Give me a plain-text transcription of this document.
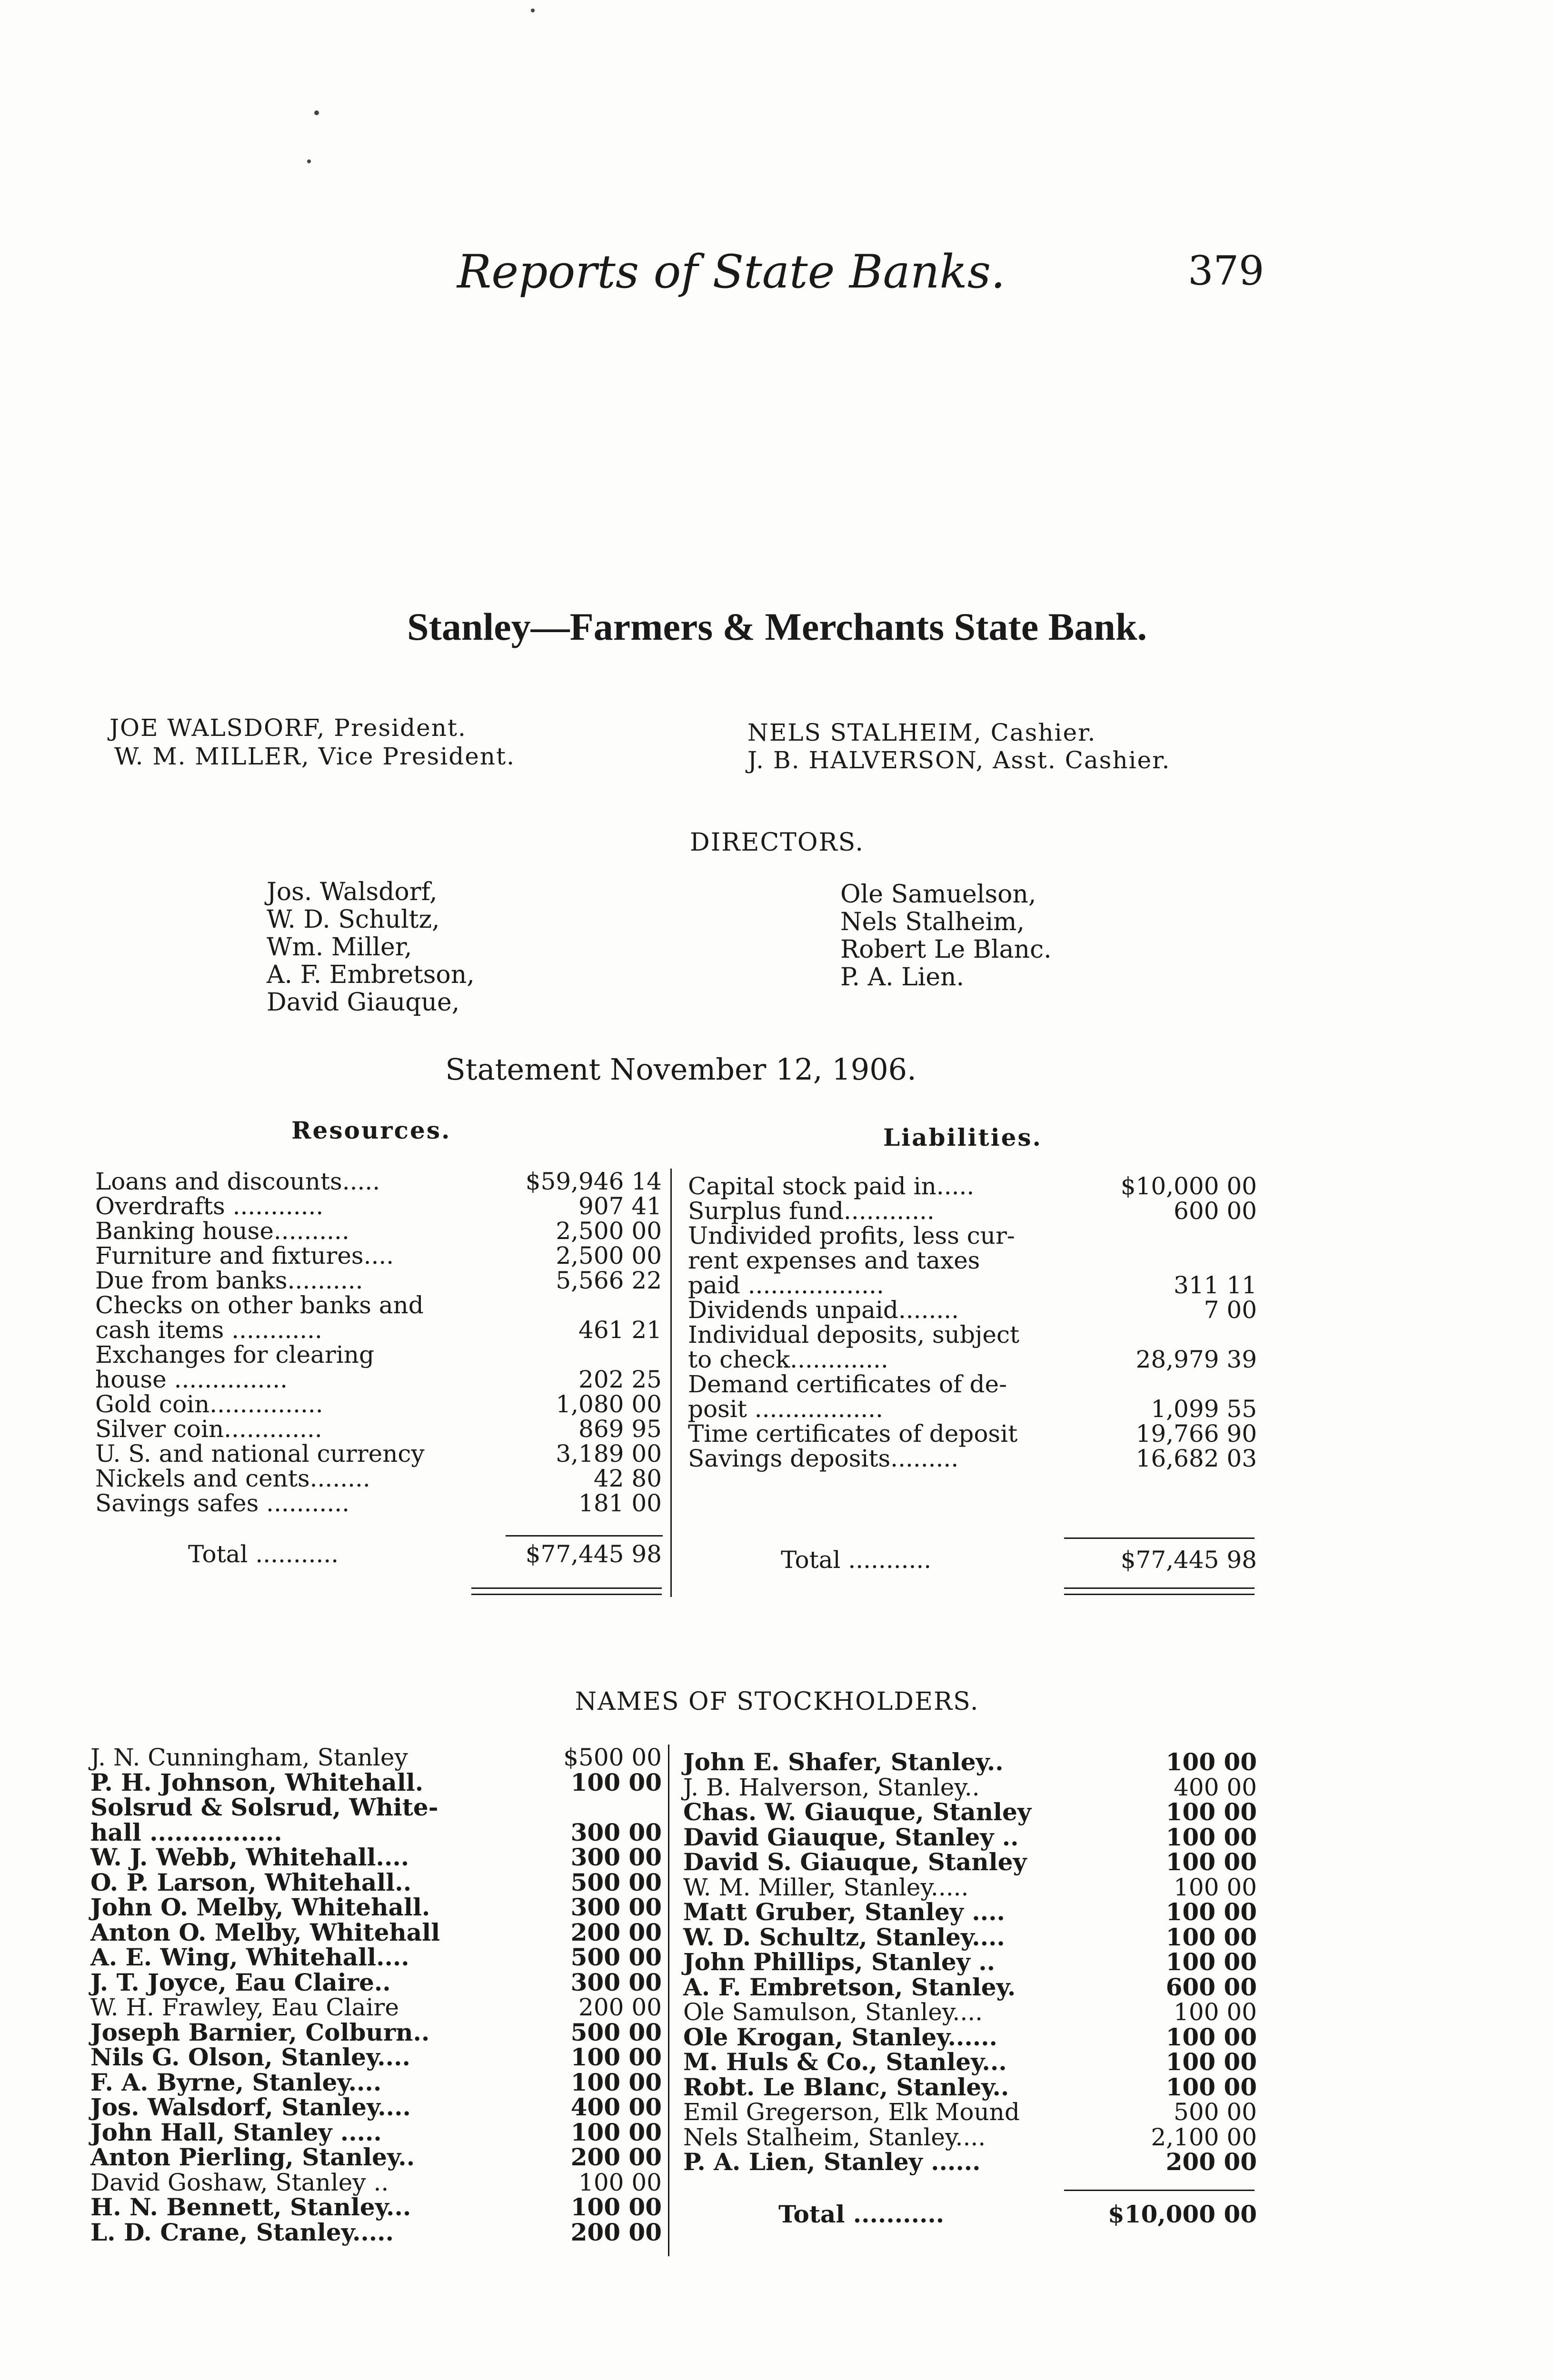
Reports of State Banks.	379
Stanley—Farmers & Merchants State Bank.
JOE WALSDORF, President.
W. M. MILLER, Vice President.
NELS STALHEIM, Cashier.
J. B. HALVERSON, Asst. Cashier.
DIRECTORS.
Jos. Walsdorf,
W. D. Schultz,
Wm. Miller,
A. F. Embretson,
David Giauque,
Ole Samuelson,
Nels Stalheim,
Robert Le Blanc.
P. A. Lien.
Statement November 12, 1906.
Resources.	Liabilities.
Loans and discounts.....	$59,946 14
Overdrafts ............	907 41
Banking house..........	2,500 00
Furniture and fixtures....	2,500 00
Due from banks..........	5,566 22
Checks on other banks and
cash items ............	461 21
Exchanges for clearing
house ...............	202 25
Gold coin...............	1,080 00
Silver coin.............	869 95
U. S. and national currency	3,189 00
Nickels and cents........	42 80
Savings safes ...........	181 00
Total ...........	$77,445 98
Capital stock paid in.....	$10,000 00
Surplus fund............	600 00
Undivided profits, less cur-
rent expenses and taxes
paid ..................	311 11
Dividends unpaid........	7 00
Individual deposits, subject
to check.............	28,979 39
Demand certificates of de-
posit .................	1,099 55
Time certificates of deposit	19,766 90
Savings deposits.........	16,682 03
Total ...........	$77,445 98
NAMES OF STOCKHOLDERS.
J. N. Cunningham, Stanley	$500 00
P. H. Johnson, Whitehall.	100 00
Solsrud & Solsrud, White-
hall ................	300 00
W. J. Webb, Whitehall....	300 00
O. P. Larson, Whitehall..	500 00
John O. Melby, Whitehall.	300 00
Anton O. Melby, Whitehall	200 00
A. E. Wing, Whitehall....	500 00
J. T. Joyce, Eau Claire..	300 00
W. H. Frawley, Eau Claire	200 00
Joseph Barnier, Colburn..	500 00
Nils G. Olson, Stanley....	100 00
F. A. Byrne, Stanley....	100 00
Jos. Walsdorf, Stanley....	400 00
John Hall, Stanley .....	100 00
Anton Pierling, Stanley..	200 00
David Goshaw, Stanley ..	100 00
H. N. Bennett, Stanley...	100 00
L. D. Crane, Stanley.....	200 00
John E. Shafer, Stanley..	100 00
J. B. Halverson, Stanley..	400 00
Chas. W. Giauque, Stanley	100 00
David Giauque, Stanley ..	100 00
David S. Giauque, Stanley	100 00
W. M. Miller, Stanley.....	100 00
Matt Gruber, Stanley ....	100 00
W. D. Schultz, Stanley....	100 00
John Phillips, Stanley ..	100 00
A. F. Embretson, Stanley.	600 00
Ole Samulson, Stanley....	100 00
Ole Krogan, Stanley......	100 00
M. Huls & Co., Stanley...	100 00
Robt. Le Blanc, Stanley..	100 00
Emil Gregerson, Elk Mound	500 00
Nels Stalheim, Stanley....	2,100 00
P. A. Lien, Stanley ......	200 00
Total ...........	$10,000 00
